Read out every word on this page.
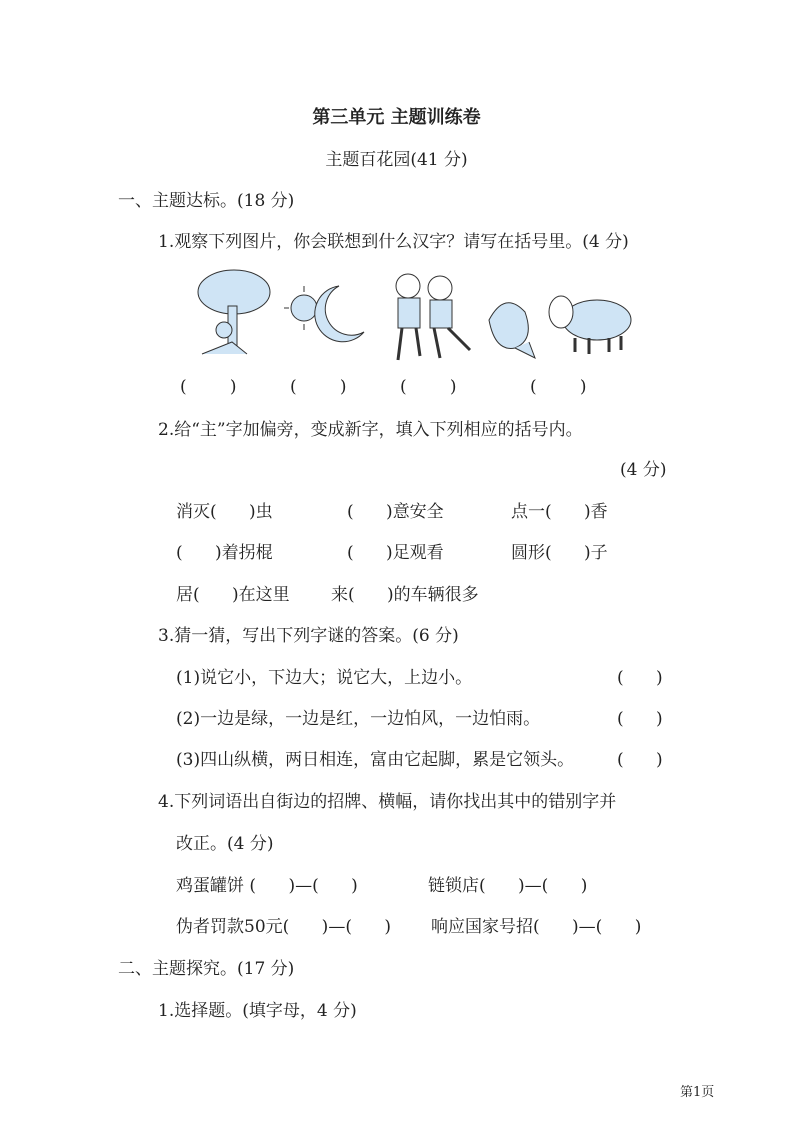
第三单元 主题训练卷
主题百花园(41 分)
一、主题达标。(18 分)
1.观察下列图片，你会联想到什么汉字？请写在括号里。(4 分)
(        )	(        )	(        )	(        )
2.给“主”字加偏旁，变成新字，填入下列相应的括号内。
(4 分)
消灭(      )虫	(      )意安全	点一(      )香
(      )着拐棍	(      )足观看	圆形(      )子
居(      )在这里 来(      )的车辆很多
3.猜一猜，写出下列字谜的答案。(6 分)
(1)说它小，下边大；说它大，上边小。	(      )
(2)一边是绿，一边是红，一边怕风，一边怕雨。	(      )
(3)四山纵横，两日相连，富由它起脚，累是它领头。	(      )
4.下列词语出自街边的招牌、横幅，请你找出其中的错别字并
改正。(4 分)
鸡蛋罐饼 (      )—(      )	链锁店(      )—(      )
伪者罚款50元(      )—(      ) 响应国家号招(      )—(      )
二、主题探究。(17 分)
1.选择题。(填字母，4 分)
第1页
